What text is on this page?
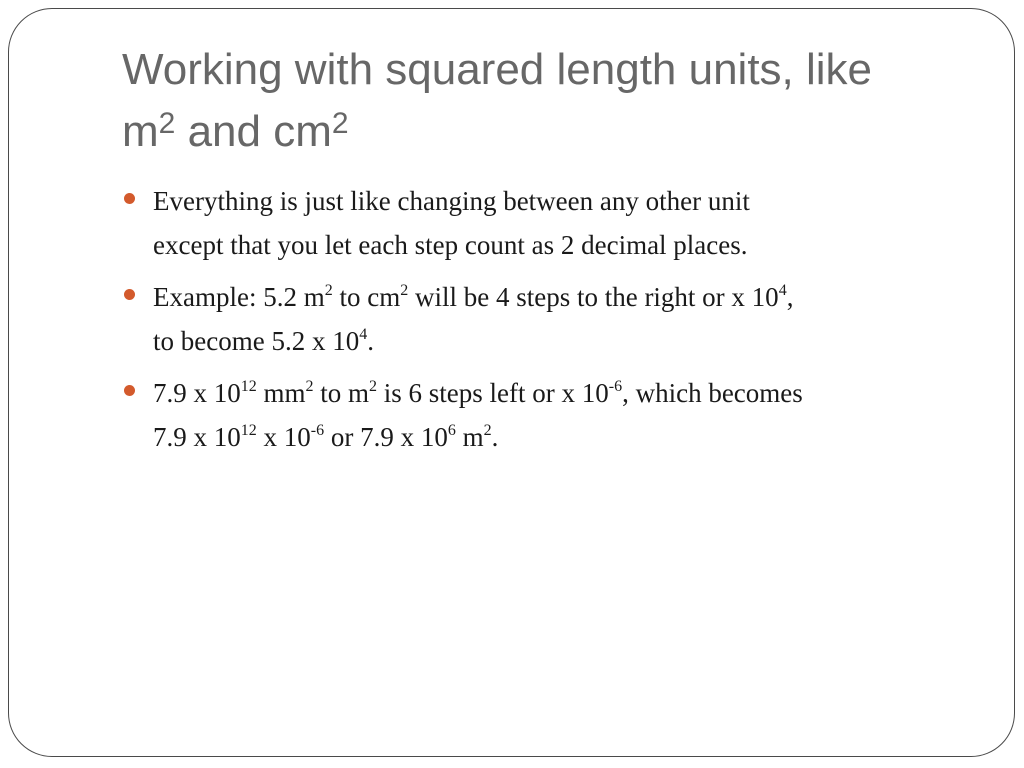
Working with squared length units, like
$m^2$ and $cm^2$
Everything is just like changing between any other unit
except that you let each step count as 2 decimal places.
Example: 5.2 $m^2$ to $cm^2$ will be 4 steps to the right or x $10^4$,
to become 5.2 x $10^4$.
7.9 x $10^{12}$ $mm^2$ to $m^2$ is 6 steps left or x $10^{-6}$, which becomes
7.9 x $10^{12}$ x $10^{-6}$ or 7.9 x $10^6$ $m^2$.
